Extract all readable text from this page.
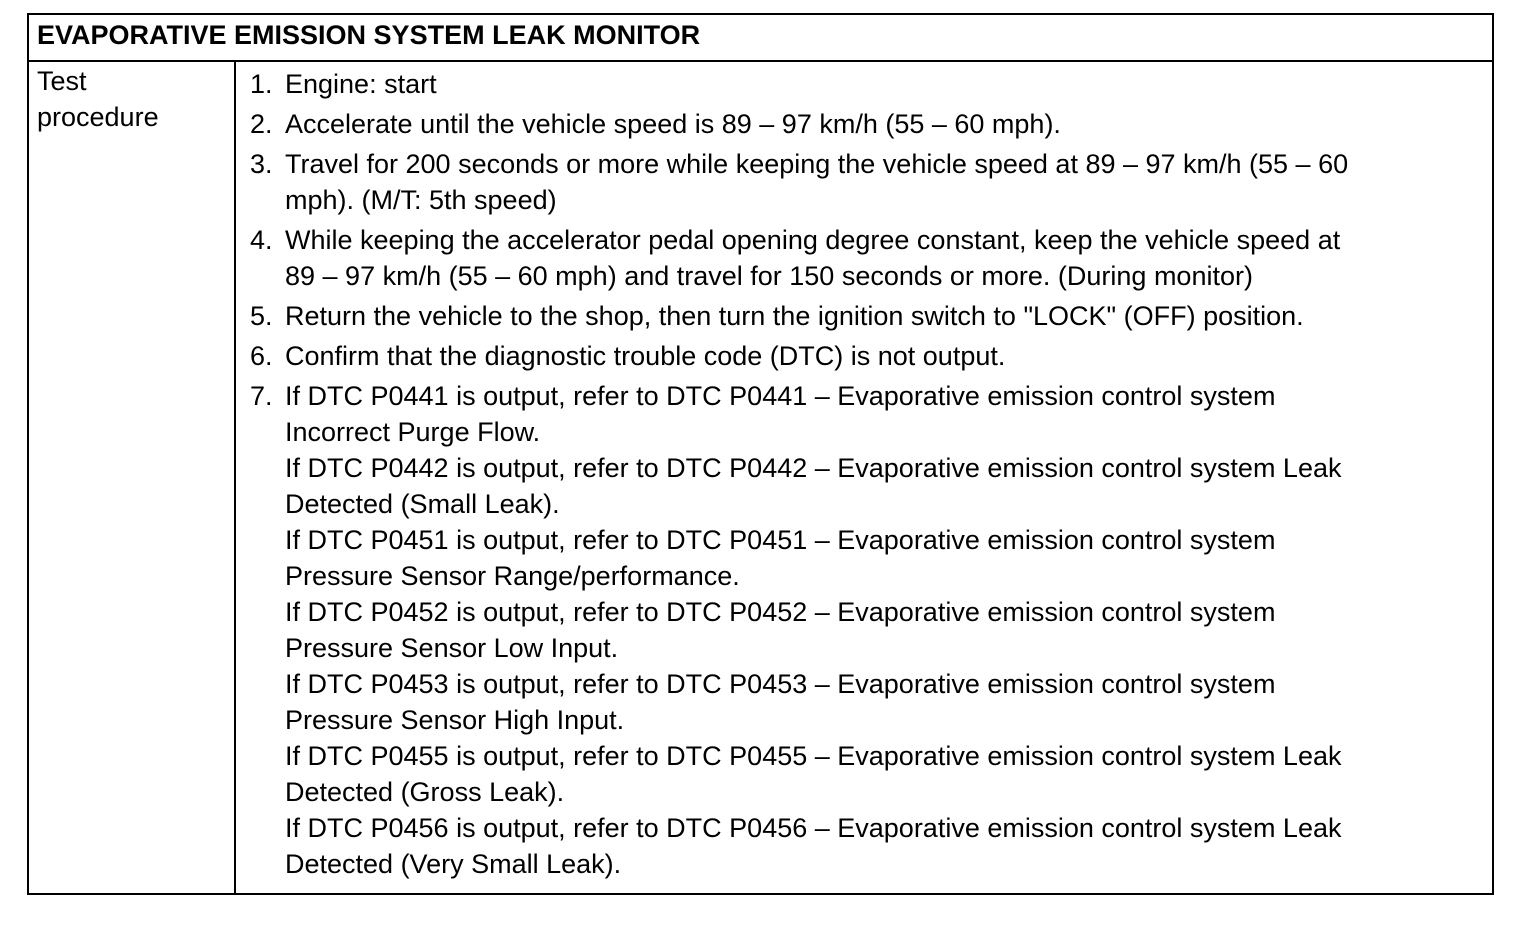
EVAPORATIVE EMISSION SYSTEM LEAK MONITOR
Test
procedure
1. Engine: start
2. Accelerate until the vehicle speed is 89 – 97 km/h (55 – 60 mph).
3. Travel for 200 seconds or more while keeping the vehicle speed at 89 – 97 km/h (55 – 60
mph). (M/T: 5th speed)
4. While keeping the accelerator pedal opening degree constant, keep the vehicle speed at
89 – 97 km/h (55 – 60 mph) and travel for 150 seconds or more. (During monitor)
5. Return the vehicle to the shop, then turn the ignition switch to "LOCK" (OFF) position.
6. Confirm that the diagnostic trouble code (DTC) is not output.
7. If DTC P0441 is output, refer to DTC P0441 – Evaporative emission control system
Incorrect Purge Flow.
If DTC P0442 is output, refer to DTC P0442 – Evaporative emission control system Leak
Detected (Small Leak).
If DTC P0451 is output, refer to DTC P0451 – Evaporative emission control system
Pressure Sensor Range/performance.
If DTC P0452 is output, refer to DTC P0452 – Evaporative emission control system
Pressure Sensor Low Input.
If DTC P0453 is output, refer to DTC P0453 – Evaporative emission control system
Pressure Sensor High Input.
If DTC P0455 is output, refer to DTC P0455 – Evaporative emission control system Leak
Detected (Gross Leak).
If DTC P0456 is output, refer to DTC P0456 – Evaporative emission control system Leak
Detected (Very Small Leak).
